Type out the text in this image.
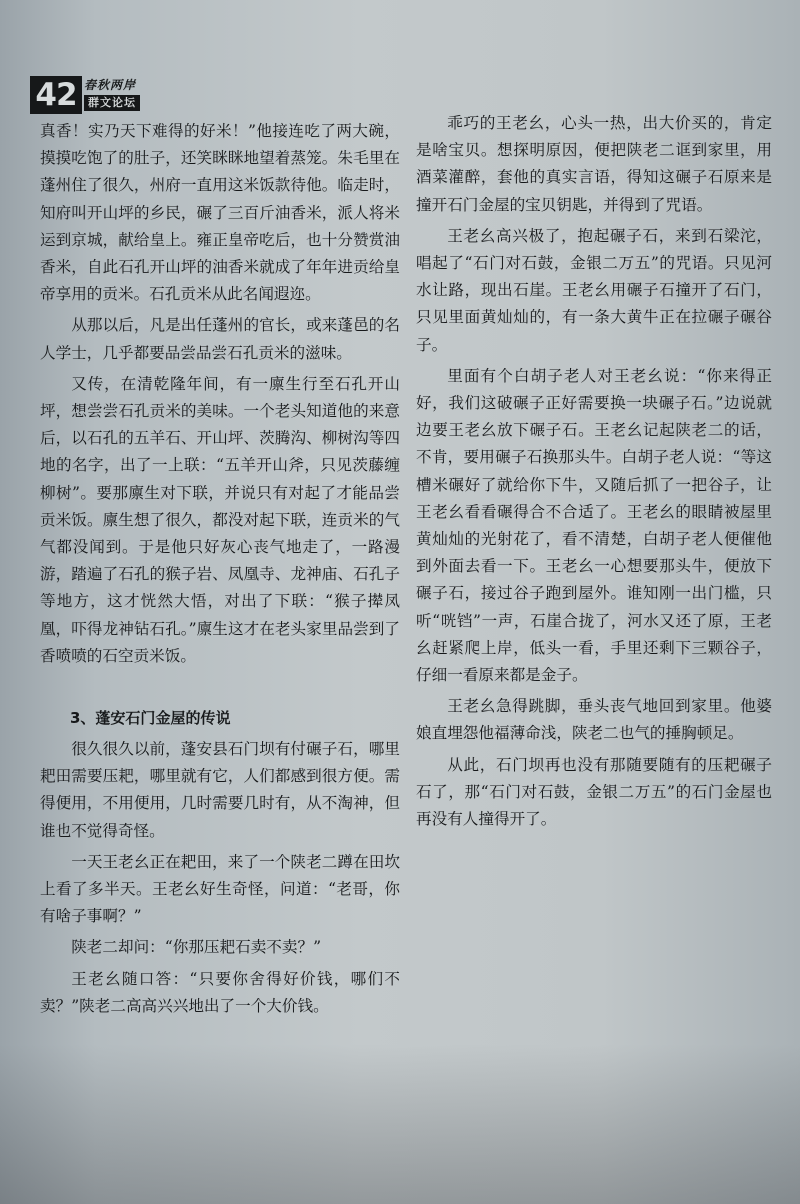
42 春秋两岸
群文论坛

真香！实乃天下难得的好米！”他接连吃了两大碗，摸摸吃饱了的肚子，还笑眯眯地望着蒸笼。朱毛里在蓬州住了很久，州府一直用这米饭款待他。临走时，知府叫开山坪的乡民，碾了三百斤油香米，派人将米运到京城，献给皇上。雍正皇帝吃后，也十分赞赏油香米，自此石孔开山坪的油香米就成了年年进贡给皇帝享用的贡米。石孔贡米从此名闻遐迩。

从那以后，凡是出任蓬州的官长，或来蓬邑的名人学士，几乎都要品尝品尝石孔贡米的滋味。

又传，在清乾隆年间，有一廪生行至石孔开山坪，想尝尝石孔贡米的美味。一个老头知道他的来意后，以石孔的五羊石、开山坪、茨腾沟、柳树沟等四地的名字，出了一上联：“五羊开山斧，只见茨藤缠柳树”。要那廪生对下联，并说只有对起了才能品尝贡米饭。廪生想了很久，都没对起下联，连贡米的气气都没闻到。于是他只好灰心丧气地走了，一路漫游，踏遍了石孔的猴子岩、凤凰寺、龙神庙、石孔子等地方，这才恍然大悟，对出了下联：“猴子撵凤凰，吓得龙神钻石孔。”廪生这才在老头家里品尝到了香喷喷的石空贡米饭。

3、蓬安石门金屋的传说

很久很久以前，蓬安县石门坝有付碾子石，哪里耙田需要压耙，哪里就有它，人们都感到很方便。需得便用，不用便用，几时需要几时有，从不淘神，但谁也不觉得奇怪。

一天王老幺正在耙田，来了一个陕老二蹲在田坎上看了多半天。王老幺好生奇怪，问道：“老哥，你有啥子事啊？”

陕老二却问：“你那压耙石卖不卖？”

王老幺随口答：“只要你舍得好价钱，哪们不卖？”陕老二高高兴兴地出了一个大价钱。

乖巧的王老幺，心头一热，出大价买的，肯定是啥宝贝。想探明原因，便把陕老二诓到家里，用酒菜灌醉，套他的真实言语，得知这碾子石原来是撞开石门金屋的宝贝钥匙，并得到了咒语。

王老幺高兴极了，抱起碾子石，来到石梁沱，唱起了“石门对石鼓，金银二万五”的咒语。只见河水让路，现出石崖。王老幺用碾子石撞开了石门，只见里面黄灿灿的，有一条大黄牛正在拉碾子碾谷子。

里面有个白胡子老人对王老幺说：“你来得正好，我们这破碾子正好需要换一块碾子石。”边说就边要王老幺放下碾子石。王老幺记起陕老二的话，不肯，要用碾子石换那头牛。白胡子老人说：“等这槽米碾好了就给你下牛，又随后抓了一把谷子，让王老幺看看碾得合不合适了。王老幺的眼睛被屋里黄灿灿的光射花了，看不清楚，白胡子老人便催他到外面去看一下。王老幺一心想要那头牛，便放下碾子石，接过谷子跑到屋外。谁知刚一出门槛，只听“咣铛”一声，石崖合拢了，河水又还了原，王老幺赶紧爬上岸，低头一看，手里还剩下三颗谷子，仔细一看原来都是金子。

王老幺急得跳脚，垂头丧气地回到家里。他婆娘直埋怨他福薄命浅，陕老二也气的捶胸顿足。

从此，石门坝再也没有那随要随有的压耙碾子石了，那“石门对石鼓，金银二万五”的石门金屋也再没有人撞得开了。
